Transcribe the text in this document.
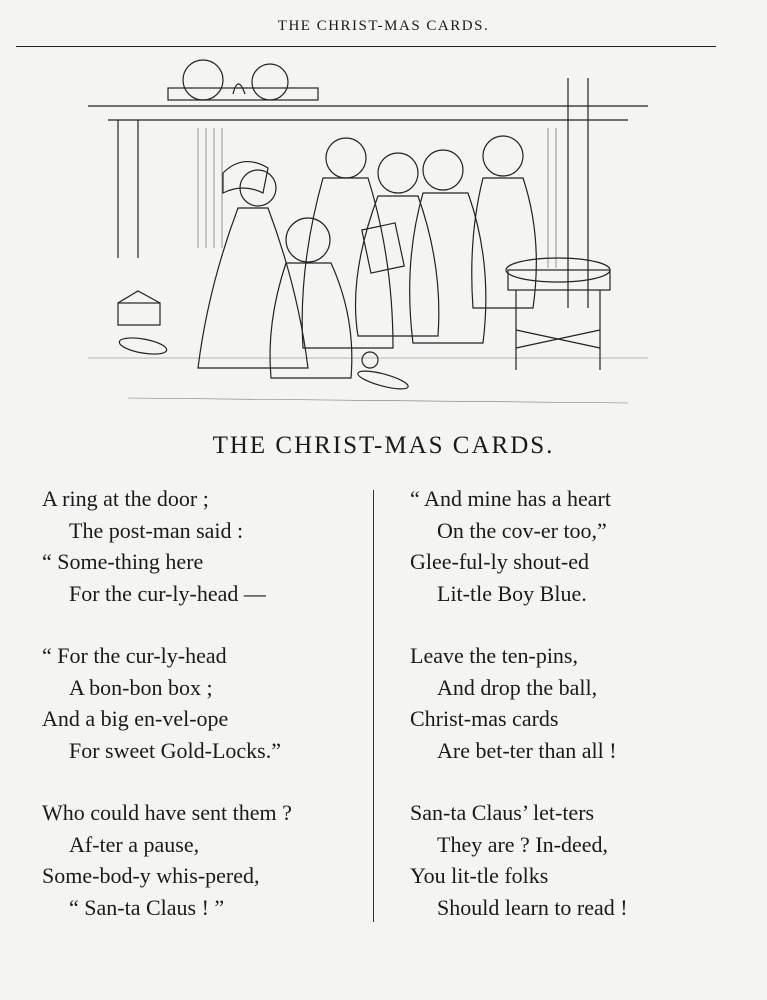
THE CHRIST-MAS CARDS.
THE CHRIST-MAS CARDS.
A ring at the door ;
The post-man said :
“ Some-thing here
For the cur-ly-head —
“ For the cur-ly-head
A bon-bon box ;
And a big en-vel-ope
For sweet Gold-Locks.”
Who could have sent them ?
Af-ter a pause,
Some-bod-y whis-pered,
“ San-ta Claus ! ”
“ And mine has a heart
On the cov-er too,”
Glee-ful-ly shout-ed
Lit-tle Boy Blue.
Leave the ten-pins,
And drop the ball,
Christ-mas cards
Are bet-ter than all !
San-ta Claus’ let-ters
They are ? In-deed,
You lit-tle folks
Should learn to read !
